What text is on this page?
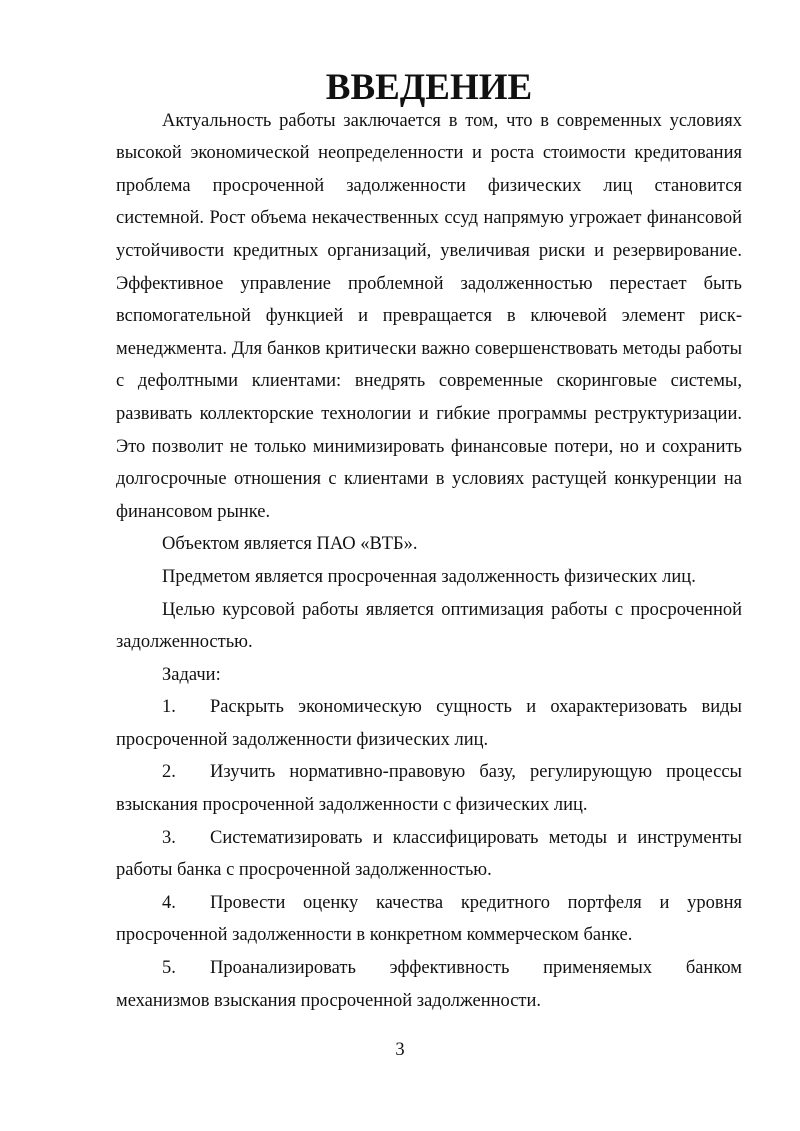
ВВЕДЕНИЕ

Актуальность работы заключается в том, что в современных условиях высокой экономической неопределенности и роста стоимости кредитования проблема просроченной задолженности физических лиц становится системной. Рост объема некачественных ссуд напрямую угрожает финансовой устойчивости кредитных организаций, увеличивая риски и резервирование. Эффективное управление проблемной задолженностью перестает быть вспомогательной функцией и превращается в ключевой элемент риск-менеджмента. Для банков критически важно совершенствовать методы работы с дефолтными клиентами: внедрять современные скоринговые системы, развивать коллекторские технологии и гибкие программы реструктуризации. Это позволит не только минимизировать финансовые потери, но и сохранить долгосрочные отношения с клиентами в условиях растущей конкуренции на финансовом рынке.

Объектом является ПАО «ВТБ».

Предметом является просроченная задолженность физических лиц.

Целью курсовой работы является оптимизация работы с просроченной задолженностью.

Задачи:

1. Раскрыть экономическую сущность и охарактеризовать виды просроченной задолженности физических лиц.

2. Изучить нормативно-правовую базу, регулирующую процессы взыскания просроченной задолженности с физических лиц.

3. Систематизировать и классифицировать методы и инструменты работы банка с просроченной задолженностью.

4. Провести оценку качества кредитного портфеля и уровня просроченной задолженности в конкретном коммерческом банке.

5. Проанализировать эффективность применяемых банком механизмов взыскания просроченной задолженности.

3
